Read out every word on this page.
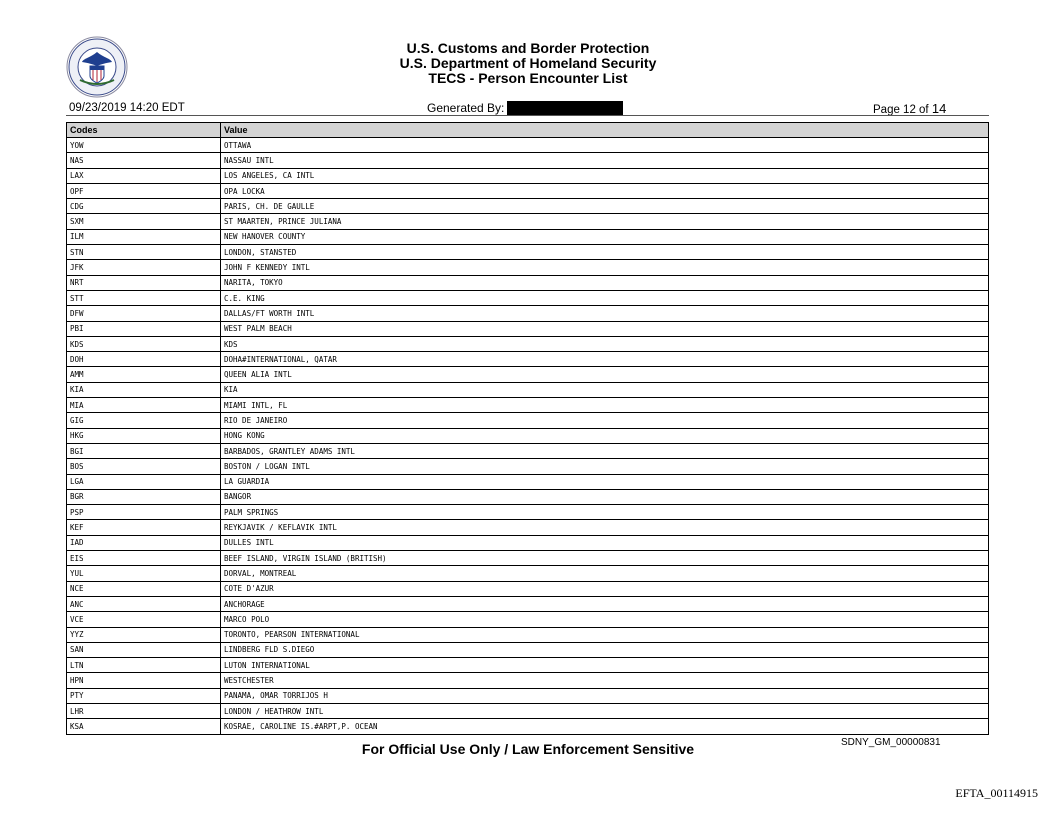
U.S. Customs and Border Protection
U.S. Department of Homeland Security
TECS - Person Encounter List
09/23/2019 14:20 EDT	Generated By:	Page 12 of 14
Codes	Value
YOW	OTTAWA
NAS	NASSAU INTL
LAX	LOS ANGELES, CA INTL
OPF	OPA LOCKA
CDG	PARIS, CH. DE GAULLE
SXM	ST MAARTEN, PRINCE JULIANA
ILM	NEW HANOVER COUNTY
STN	LONDON, STANSTED
JFK	JOHN F KENNEDY INTL
NRT	NARITA, TOKYO
STT	C.E. KING
DFW	DALLAS/FT WORTH INTL
PBI	WEST PALM BEACH
KDS	KDS
DOH	DOHA#INTERNATIONAL, QATAR
AMM	QUEEN ALIA INTL
KIA	KIA
MIA	MIAMI INTL, FL
GIG	RIO DE JANEIRO
HKG	HONG KONG
BGI	BARBADOS, GRANTLEY ADAMS INTL
BOS	BOSTON / LOGAN INTL
LGA	LA GUARDIA
BGR	BANGOR
PSP	PALM SPRINGS
KEF	REYKJAVIK / KEFLAVIK INTL
IAD	DULLES INTL
EIS	BEEF ISLAND, VIRGIN ISLAND (BRITISH)
YUL	DORVAL, MONTREAL
NCE	COTE D'AZUR
ANC	ANCHORAGE
VCE	MARCO POLO
YYZ	TORONTO, PEARSON INTERNATIONAL
SAN	LINDBERG FLD S.DIEGO
LTN	LUTON INTERNATIONAL
HPN	WESTCHESTER
PTY	PANAMA, OMAR TORRIJOS H
LHR	LONDON / HEATHROW INTL
KSA	KOSRAE, CAROLINE IS.#ARPT,P. OCEAN
For Official Use Only / Law Enforcement Sensitive	SDNY_GM_00000831
EFTA_00114915
